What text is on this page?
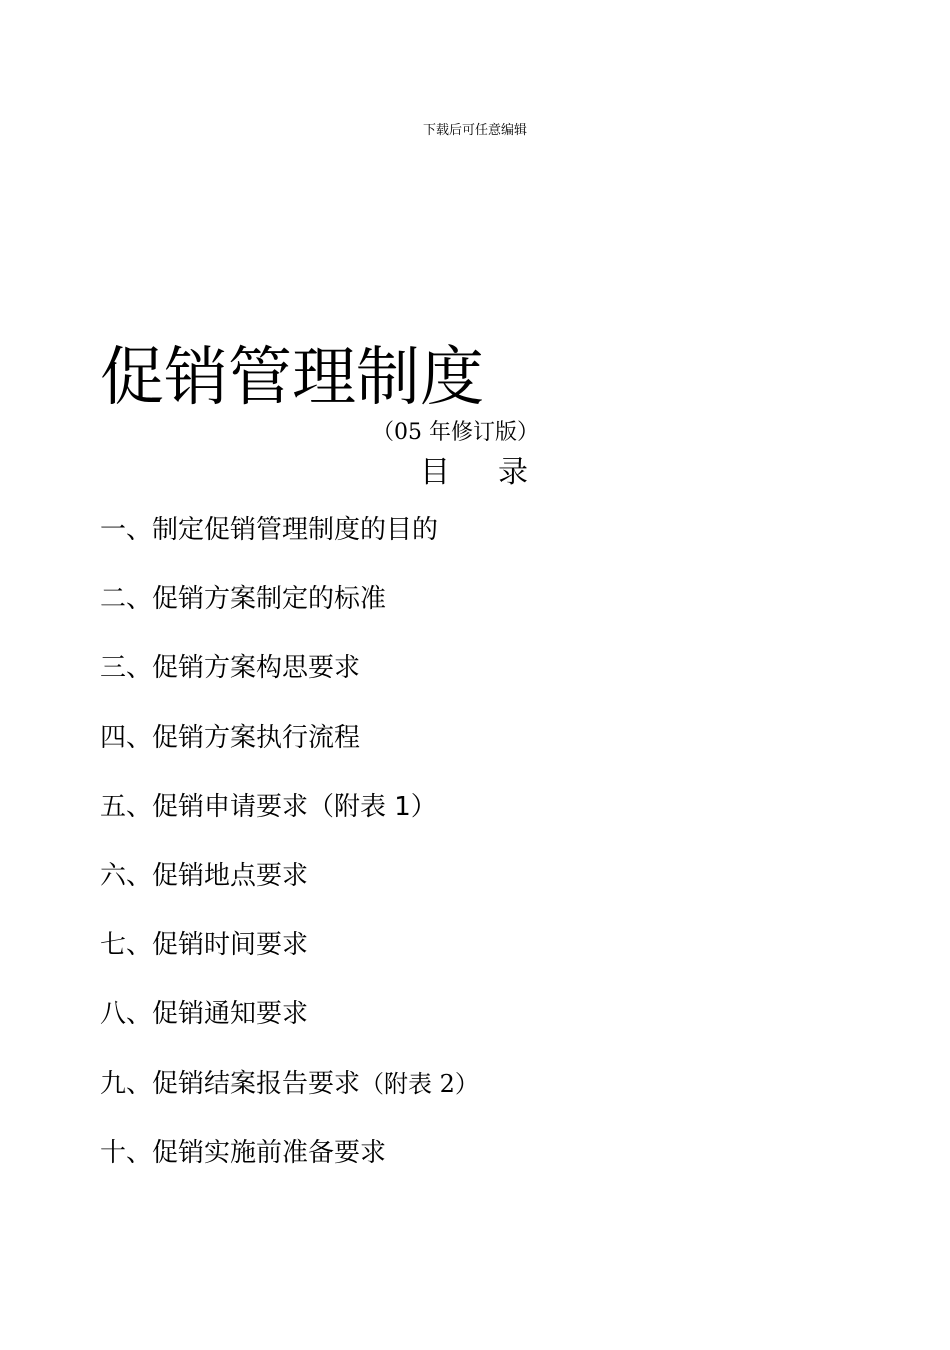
下载后可任意编辑
促销管理制度
（05 年修订版）
目 录
一、制定促销管理制度的目的
二、促销方案制定的标准
三、促销方案构思要求
四、促销方案执行流程
五、促销申请要求（附表 1）
六、促销地点要求
七、促销时间要求
八、促销通知要求
九、促销结案报告要求（附表 2）
十、促销实施前准备要求
